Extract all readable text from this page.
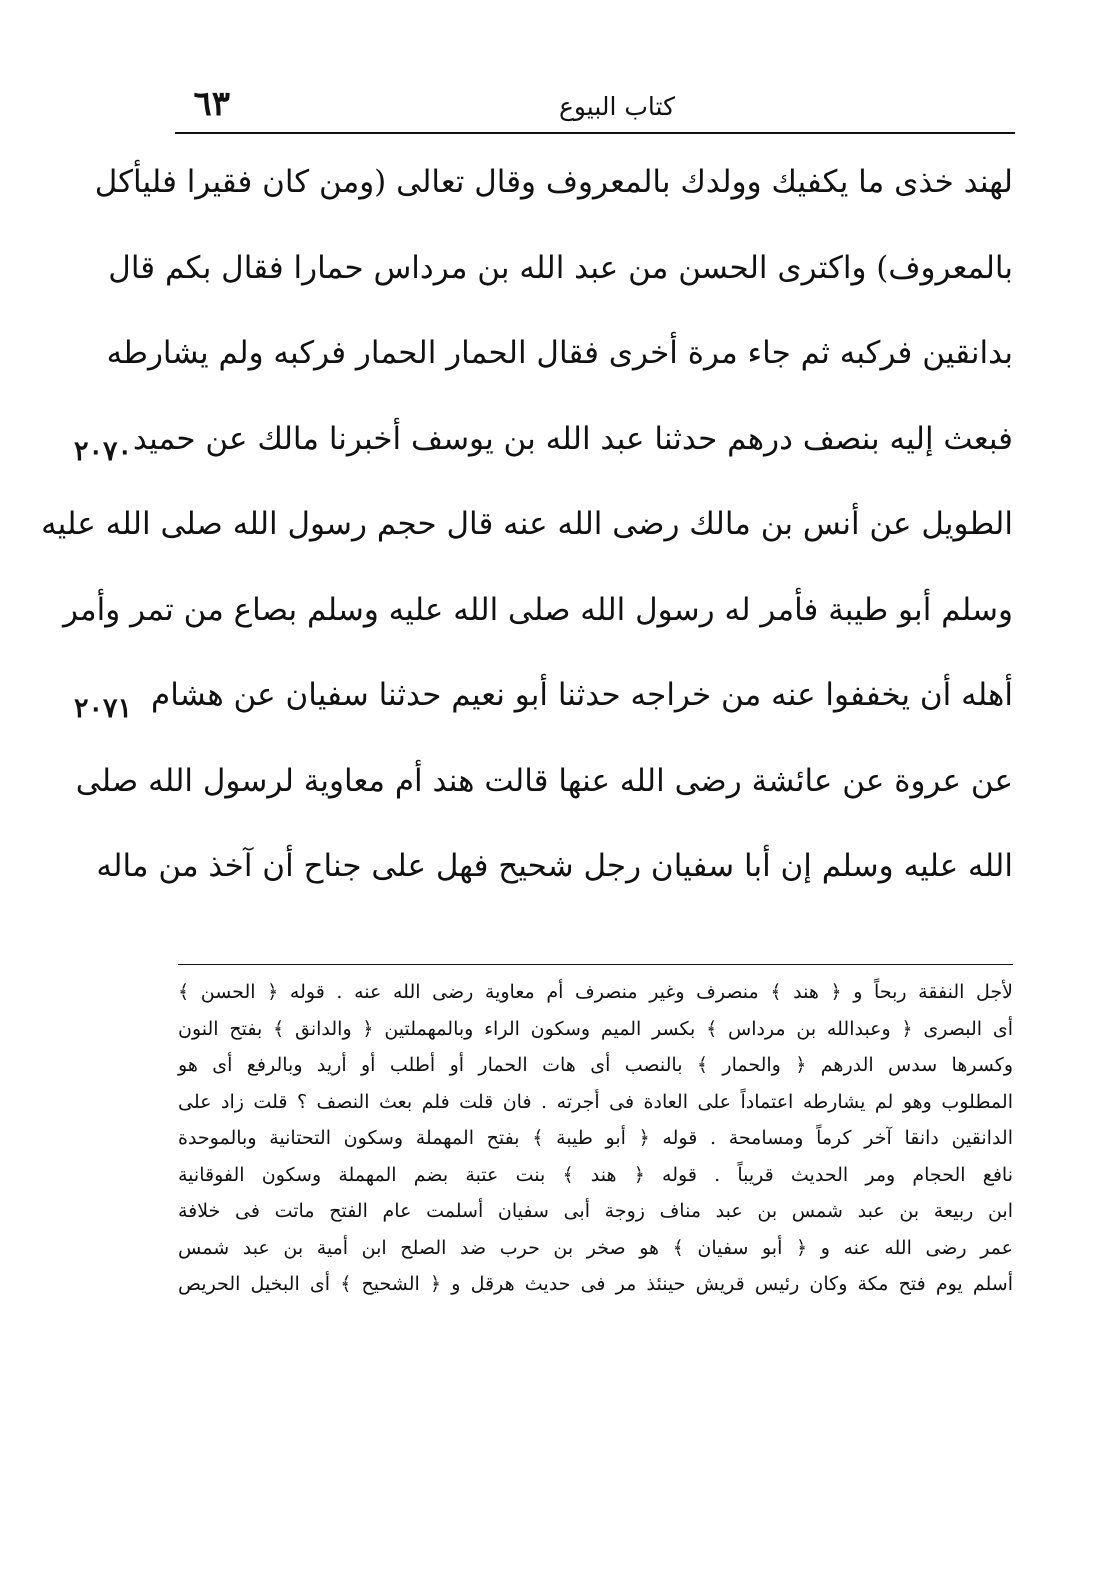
٦٣	كتاب البيوع
لهند خذى ما يكفيك وولدك بالمعروف وقال تعالى (ومن كان فقيرا فليأكل
بالمعروف) واكترى الحسن من عبد الله بن مرداس حمارا فقال بكم قال
بدانقين فركبه ثم جاء مرة أخرى فقال الحمار الحمار فركبه ولم يشارطه
فبعث إليه بنصف درهم حدثنا عبد الله بن يوسف أخبرنا مالك عن حميد
الطويل عن أنس بن مالك رضى الله عنه قال حجم رسول الله صلى الله عليه
وسلم أبو طيبة فأمر له رسول الله صلى الله عليه وسلم بصاع من تمر وأمر
أهله أن يخففوا عنه من خراجه حدثنا أبو نعيم حدثنا سفيان عن هشام
عن عروة عن عائشة رضى الله عنها قالت هند أم معاوية لرسول الله صلى
الله عليه وسلم إن أبا سفيان رجل شحيح فهل على جناح أن آخذ من ماله
٢٠٧٠
٢٠٧١
لأجل النفقة ربحاً و ﴿ هند ﴾ منصرف وغير منصرف أم معاوية رضى الله عنه . قوله ﴿ الحسن ﴾
أى البصرى ﴿ وعبدالله بن مرداس ﴾ بكسر الميم وسكون الراء وبالمهملتين ﴿ والدانق ﴾ بفتح النون
وكسرها سدس الدرهم ﴿ والحمار ﴾ بالنصب أى هات الحمار أو أطلب أو أريد وبالرفع أى هو
المطلوب وهو لم يشارطه اعتماداً على العادة فى أجرته . فان قلت فلم بعث النصف ؟ قلت زاد على
الدانقين دانقا آخر كرماً ومسامحة . قوله ﴿ أبو طيبة ﴾ بفتح المهملة وسكون التحتانية وبالموحدة
نافع الحجام ومر الحديث قريباً . قوله ﴿ هند ﴾ بنت عتبة بضم المهملة وسكون الفوقانية
ابن ربيعة بن عبد شمس بن عبد مناف زوجة أبى سفيان أسلمت عام الفتح ماتت فى خلافة
عمر رضى الله عنه و ﴿ أبو سفيان ﴾ هو صخر بن حرب ضد الصلح ابن أمية بن عبد شمس
أسلم يوم فتح مكة وكان رئيس قريش حينئذ مر فى حديث هرقل و ﴿ الشحيح ﴾ أى البخيل الحريص
